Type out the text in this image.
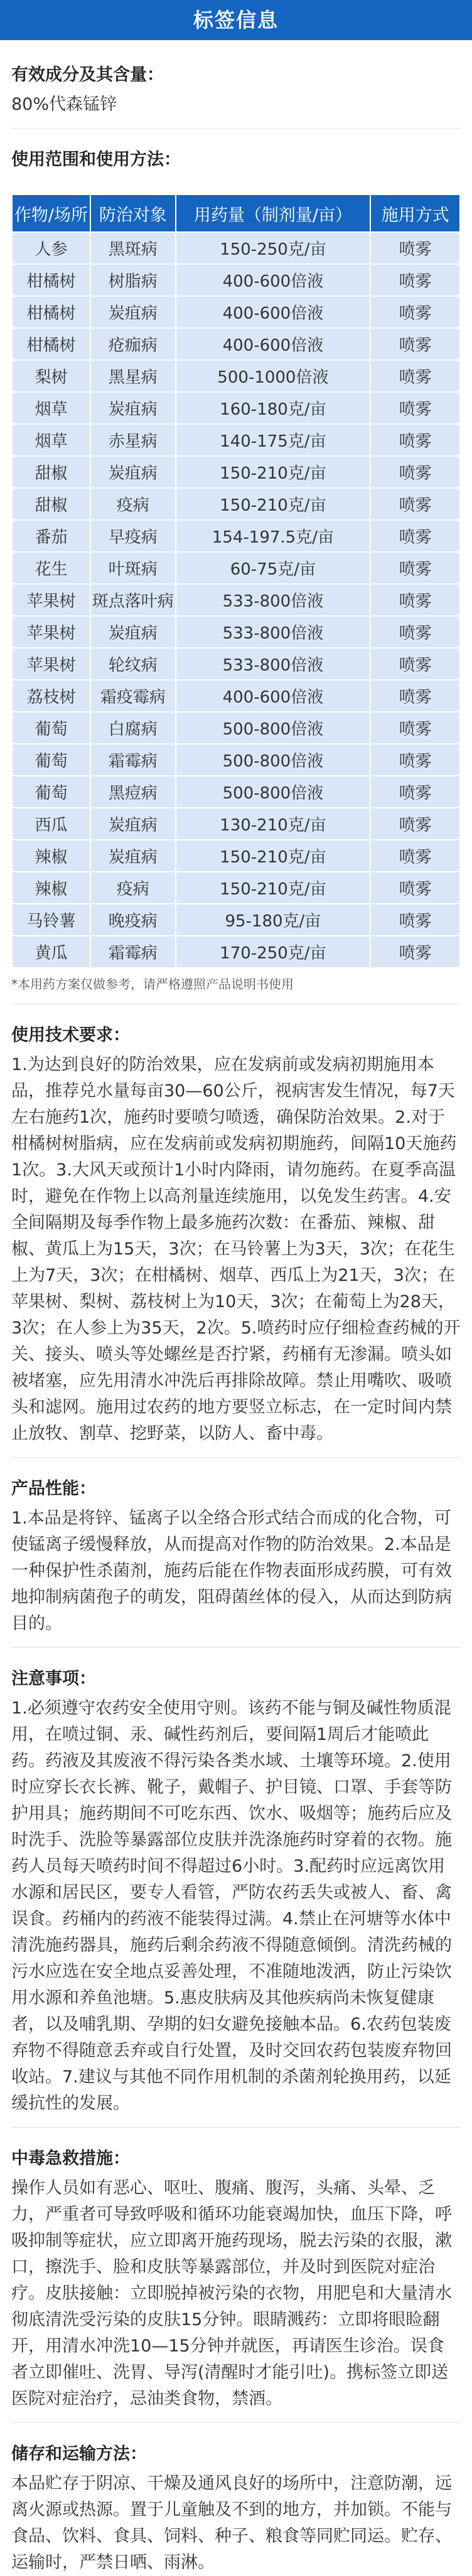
标签信息
有效成分及其含量：

80%代森锰锌

使用范围和使用方法：
作物/场所	防治对象	用药量（制剂量/亩）	施用方式
人参	黑斑病	150-250克/亩	喷雾
柑橘树	树脂病	400-600倍液	喷雾
柑橘树	炭疽病	400-600倍液	喷雾
柑橘树	疮痂病	400-600倍液	喷雾
梨树	黑星病	500-1000倍液	喷雾
烟草	炭疽病	160-180克/亩	喷雾
烟草	赤星病	140-175克/亩	喷雾
甜椒	炭疽病	150-210克/亩	喷雾
甜椒	疫病	150-210克/亩	喷雾
番茄	早疫病	154-197.5克/亩	喷雾
花生	叶斑病	60-75克/亩	喷雾
苹果树	斑点落叶病	533-800倍液	喷雾
苹果树	炭疽病	533-800倍液	喷雾
苹果树	轮纹病	533-800倍液	喷雾
荔枝树	霜疫霉病	400-600倍液	喷雾
葡萄	白腐病	500-800倍液	喷雾
葡萄	霜霉病	500-800倍液	喷雾
葡萄	黑痘病	500-800倍液	喷雾
西瓜	炭疽病	130-210克/亩	喷雾
辣椒	炭疽病	150-210克/亩	喷雾
辣椒	疫病	150-210克/亩	喷雾
马铃薯	晚疫病	95-180克/亩	喷雾
黄瓜	霜霉病	170-250克/亩	喷雾
*本用药方案仅做参考，请严格遵照产品说明书使用
使用技术要求：

1.为达到良好的防治效果，应在发病前或发病初期施用本品，推荐兑水量每亩30—60公斤，视病害发生情况，每7天左右施药1次，施药时要喷匀喷透，确保防治效果。2.对于柑橘树树脂病，应在发病前或发病初期施药，间隔10天施药1次。3.大风天或预计1小时内降雨，请勿施药。在夏季高温时，避免在作物上以高剂量连续施用，以免发生药害。4.安全间隔期及每季作物上最多施药次数：在番茄、辣椒、甜椒、黄瓜上为15天，3次；在马铃薯上为3天，3次；在花生上为7天，3次；在柑橘树、烟草、西瓜上为21天，3次；在苹果树、梨树、荔枝树上为10天，3次；在葡萄上为28天，3次；在人参上为35天，2次。5.喷药时应仔细检查药械的开关、接头、喷头等处螺丝是否拧紧，药桶有无渗漏。喷头如被堵塞，应先用清水冲洗后再排除故障。禁止用嘴吹、吸喷头和滤网。施用过农药的地方要竖立标志，在一定时间内禁止放牧、割草、挖野菜，以防人、畜中毒。

产品性能：

1.本品是将锌、锰离子以全络合形式结合而成的化合物，可使锰离子缓慢释放，从而提高对作物的防治效果。2.本品是一种保护性杀菌剂，施药后能在作物表面形成药膜，可有效地抑制病菌孢子的萌发，阻碍菌丝体的侵入，从而达到防病目的。

注意事项：

1.必须遵守农药安全使用守则。该药不能与铜及碱性物质混用，在喷过铜、汞、碱性药剂后，要间隔1周后才能喷此药。药液及其废液不得污染各类水域、土壤等环境。2.使用时应穿长衣长裤、靴子，戴帽子、护目镜、口罩、手套等防护用具；施药期间不可吃东西、饮水、吸烟等；施药后应及时洗手、洗脸等暴露部位皮肤并洗涤施药时穿着的衣物。施药人员每天喷药时间不得超过6小时。3.配药时应远离饮用水源和居民区，要专人看管，严防农药丢失或被人、畜、禽误食。药桶内的药液不能装得过满。4.禁止在河塘等水体中清洗施药器具，施药后剩余药液不得随意倾倒。清洗药械的污水应选在安全地点妥善处理，不准随地泼洒，防止污染饮用水源和养鱼池塘。5.惠皮肤病及其他疾病尚未恢复健康者，以及哺乳期、孕期的妇女避免接触本品。6.农药包装废弃物不得随意丢弃或自行处置，及时交回农药包装废弃物回收站。7.建议与其他不同作用机制的杀菌剂轮换用药，以延缓抗性的发展。

中毒急救措施：

操作人员如有恶心、呕吐、腹痛、腹泻，头痛、头晕、乏力，严重者可导致呼吸和循环功能衰竭加快，血压下降，呼吸抑制等症状，应立即离开施药现场，脱去污染的衣服，漱口，擦洗手、脸和皮肤等暴露部位，并及时到医院对症治疗。皮肤接触：立即脱掉被污染的衣物，用肥皂和大量清水彻底清洗受污染的皮肤15分钟。眼睛溅药：立即将眼睑翻开，用清水冲洗10—15分钟并就医，再请医生诊治。误食者立即催吐、洗胃、导泻(清醒时才能引吐)。携标签立即送医院对症治疗，忌油类食物，禁酒。

储存和运输方法：

本品贮存于阴凉、干燥及通风良好的场所中，注意防潮，远离火源或热源。置于儿童触及不到的地方，并加锁。不能与食品、饮料、食具、饲料、种子、粮食等同贮同运。贮存、运输时，严禁日晒、雨淋。
